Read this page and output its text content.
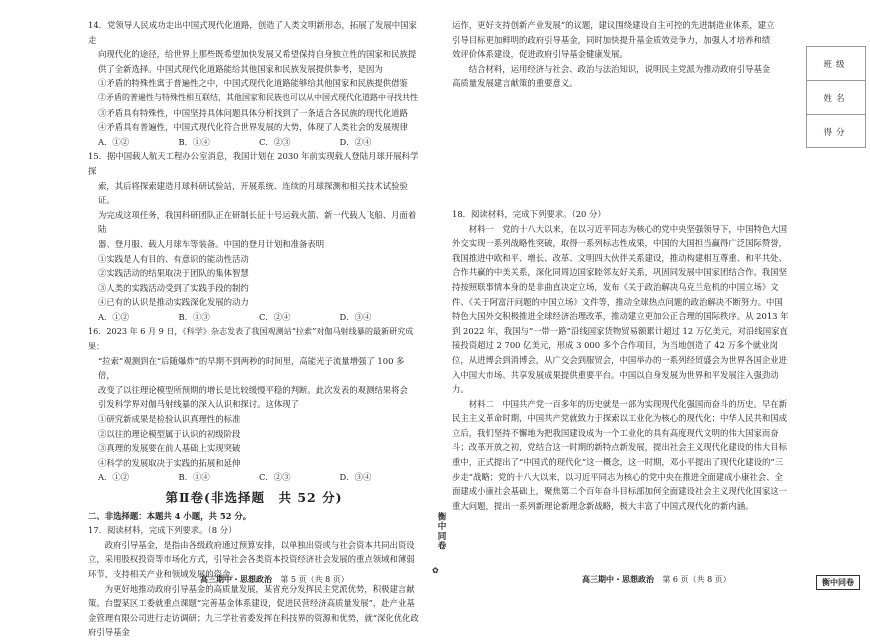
14．党领导人民成功走出中国式现代化道路，创造了人类文明新形态，拓展了发展中国家走

向现代化的途径，给世界上那些既希望加快发展又希望保持自身独立性的国家和民族提

供了全新选择。中国式现代化道路能给其他国家和民族发展提供参考，是因为

①矛盾的特殊性寓于普遍性之中，中国式现代化道路能够给其他国家和民族提供借鉴

②矛盾的普遍性与特殊性相互联结，其他国家和民族也可以从中国式现代化道路中寻找共性

③矛盾具有特殊性，中国坚持具体问题具体分析找到了一条适合各民族的现代化道路

④矛盾具有普遍性，中国式现代化符合世界发展的大势，体现了人类社会的发展规律

A．①②	B．①④	C．②③	D．②④

15．据中国载人航天工程办公室消息，我国计划在 2030 年前实现载人登陆月球开展科学探

索，其后将探索建造月球科研试验站，开展系统、连续的月球探测和相关技术试验验证。

为完成这项任务，我国科研团队正在研制长征十号运载火箭、新一代载人飞船、月面着陆

器、登月服、载人月球车等装备。中国的登月计划和准备表明

①实践是人有目的、有意识的能动性活动

②实践活动的结果取决于团队的集体智慧

③人类的实践活动受到了实践手段的制约

④已有的认识是推动实践深化发展的动力

A．①②	B．①③	C．②④	D．③④

16．2023 年 6 月 9 日，《科学》杂志发表了我国观测站“拉索”对伽马射线暴的最新研究成果：

“拉索”观测到在“后随爆炸”的早期不到两秒的时间里，高能光子流量增强了 100 多倍，

改变了以往理论模型所预期的增长是比较缓慢平稳的判断。此次发表的观测结果将会

引发科学界对伽马射线暴的深入认识和探讨。这体现了

①研究新成果是检验认识真理性的标准

②以往的理论模型属于认识的初级阶段

③真理的发展要在前人基础上实现突破

④科学的发展取决于实践的拓展和延伸

A．①②	B．①④	C．②③	D．③④
第Ⅱ卷(非选择题　共 52 分)

二、非选择题：本题共 4 小题，共 52 分。

17．阅读材料，完成下列要求。（8 分）

政府引导基金，是指由各级政府通过预算安排，以单独出资或与社会资本共同出资设立，采用股权投资等市场化方式，引导社会各类资本投资经济社会发展的重点领域和薄弱环节，支持相关产业和领域发展的资金。

为更好地推动政府引导基金的高质量发展，某省充分发挥民主党派优势，积极建言献策。台盟某区工委就重点课题“完善基金体系建设，促进民营经济高质量发展”，赴产业基金管理有限公司进行走访调研；九三学社省委发挥在科技界的资源和优势，就“深化优化政府引导基金

运作，更好支持创新产业发展”的议题，建议围绕建设自主可控的先进制造业体系，建立引导目标更加鲜明的政府引导基金，同时加快提升基金质效竞争力，加强人才培养和绩效评价体系建设，促进政府引导基金健康发展。

结合材料，运用经济与社会、政治与法治知识，说明民主党派为推动政府引导基金高质量发展建言献策的重要意义。

18．阅读材料，完成下列要求。（20 分）

材料一　党的十八大以来，在以习近平同志为核心的党中央坚强领导下，中国特色大国外交实现一系列战略性突破，取得一系列标志性成果，中国的大国担当赢得广泛国际赞誉，我国推进中欧和平、增长、改革、文明四大伙伴关系建设，推动构建相互尊重、和平共处、合作共赢的中美关系，深化同周边国家睦邻友好关系，巩固同发展中国家团结合作。我国坚持按照联事情本身的是非曲直决定立场，发布《关于政治解决乌克兰危机的中国立场》文件、《关于阿富汗问题的中国立场》文件等，推动全球热点问题的政治解决不断努力。中国特色大国外交积极推进全球经济治理改革，推动建立更加公正合理的国际秩序。从 2013 年到 2022 年，我国与“一带一路”沿线国家货物贸易额累计超过 12 万亿美元，对沿线国家直接投资超过 2 700 亿美元，形成 3 000 多个合作项目，为当地创造了 42 万多个就业岗位，从进博会到消博会，从广交会到服贸会，中国举办的一系列经贸盛会为世界各国企业进入中国大市场、共享发展成果提供重要平台。中国以自身发展为世界和平发展注入强劲动力。

材料二　中国共产党一百多年的历史就是一部为实现现代化强国而奋斗的历史。早在新民主主义革命时期，中国共产党就致力于探索以工业化为核心的现代化；中华人民共和国成立后，我们坚持不懈地为把我国建设成为一个工业化的具有高度现代文明的伟大国家而奋斗；改革开放之初，党结合这一时期的新特点新发展，提出社会主义现代化建设的伟大目标重中，正式提出了“中国式的现代化”这一概念，这一时期，邓小平提出了现代化建设的“三步走”战略；党的十八大以来，以习近平同志为核心的党中央在推进全面建成小康社会、全面建成小康社会基础上，聚焦第二个百年奋斗目标部加何全面建设社会主义现代化国家这一重大问题，提出一系列新理论新理念新战略，极大丰富了中国式现代化的新内涵。

班级
姓名
得分
衡中同卷
✿
高三期中・思想政治 第 5 页（共 8 页）	高三期中・思想政治 第 6 页（共 8 页）	衡中同卷
